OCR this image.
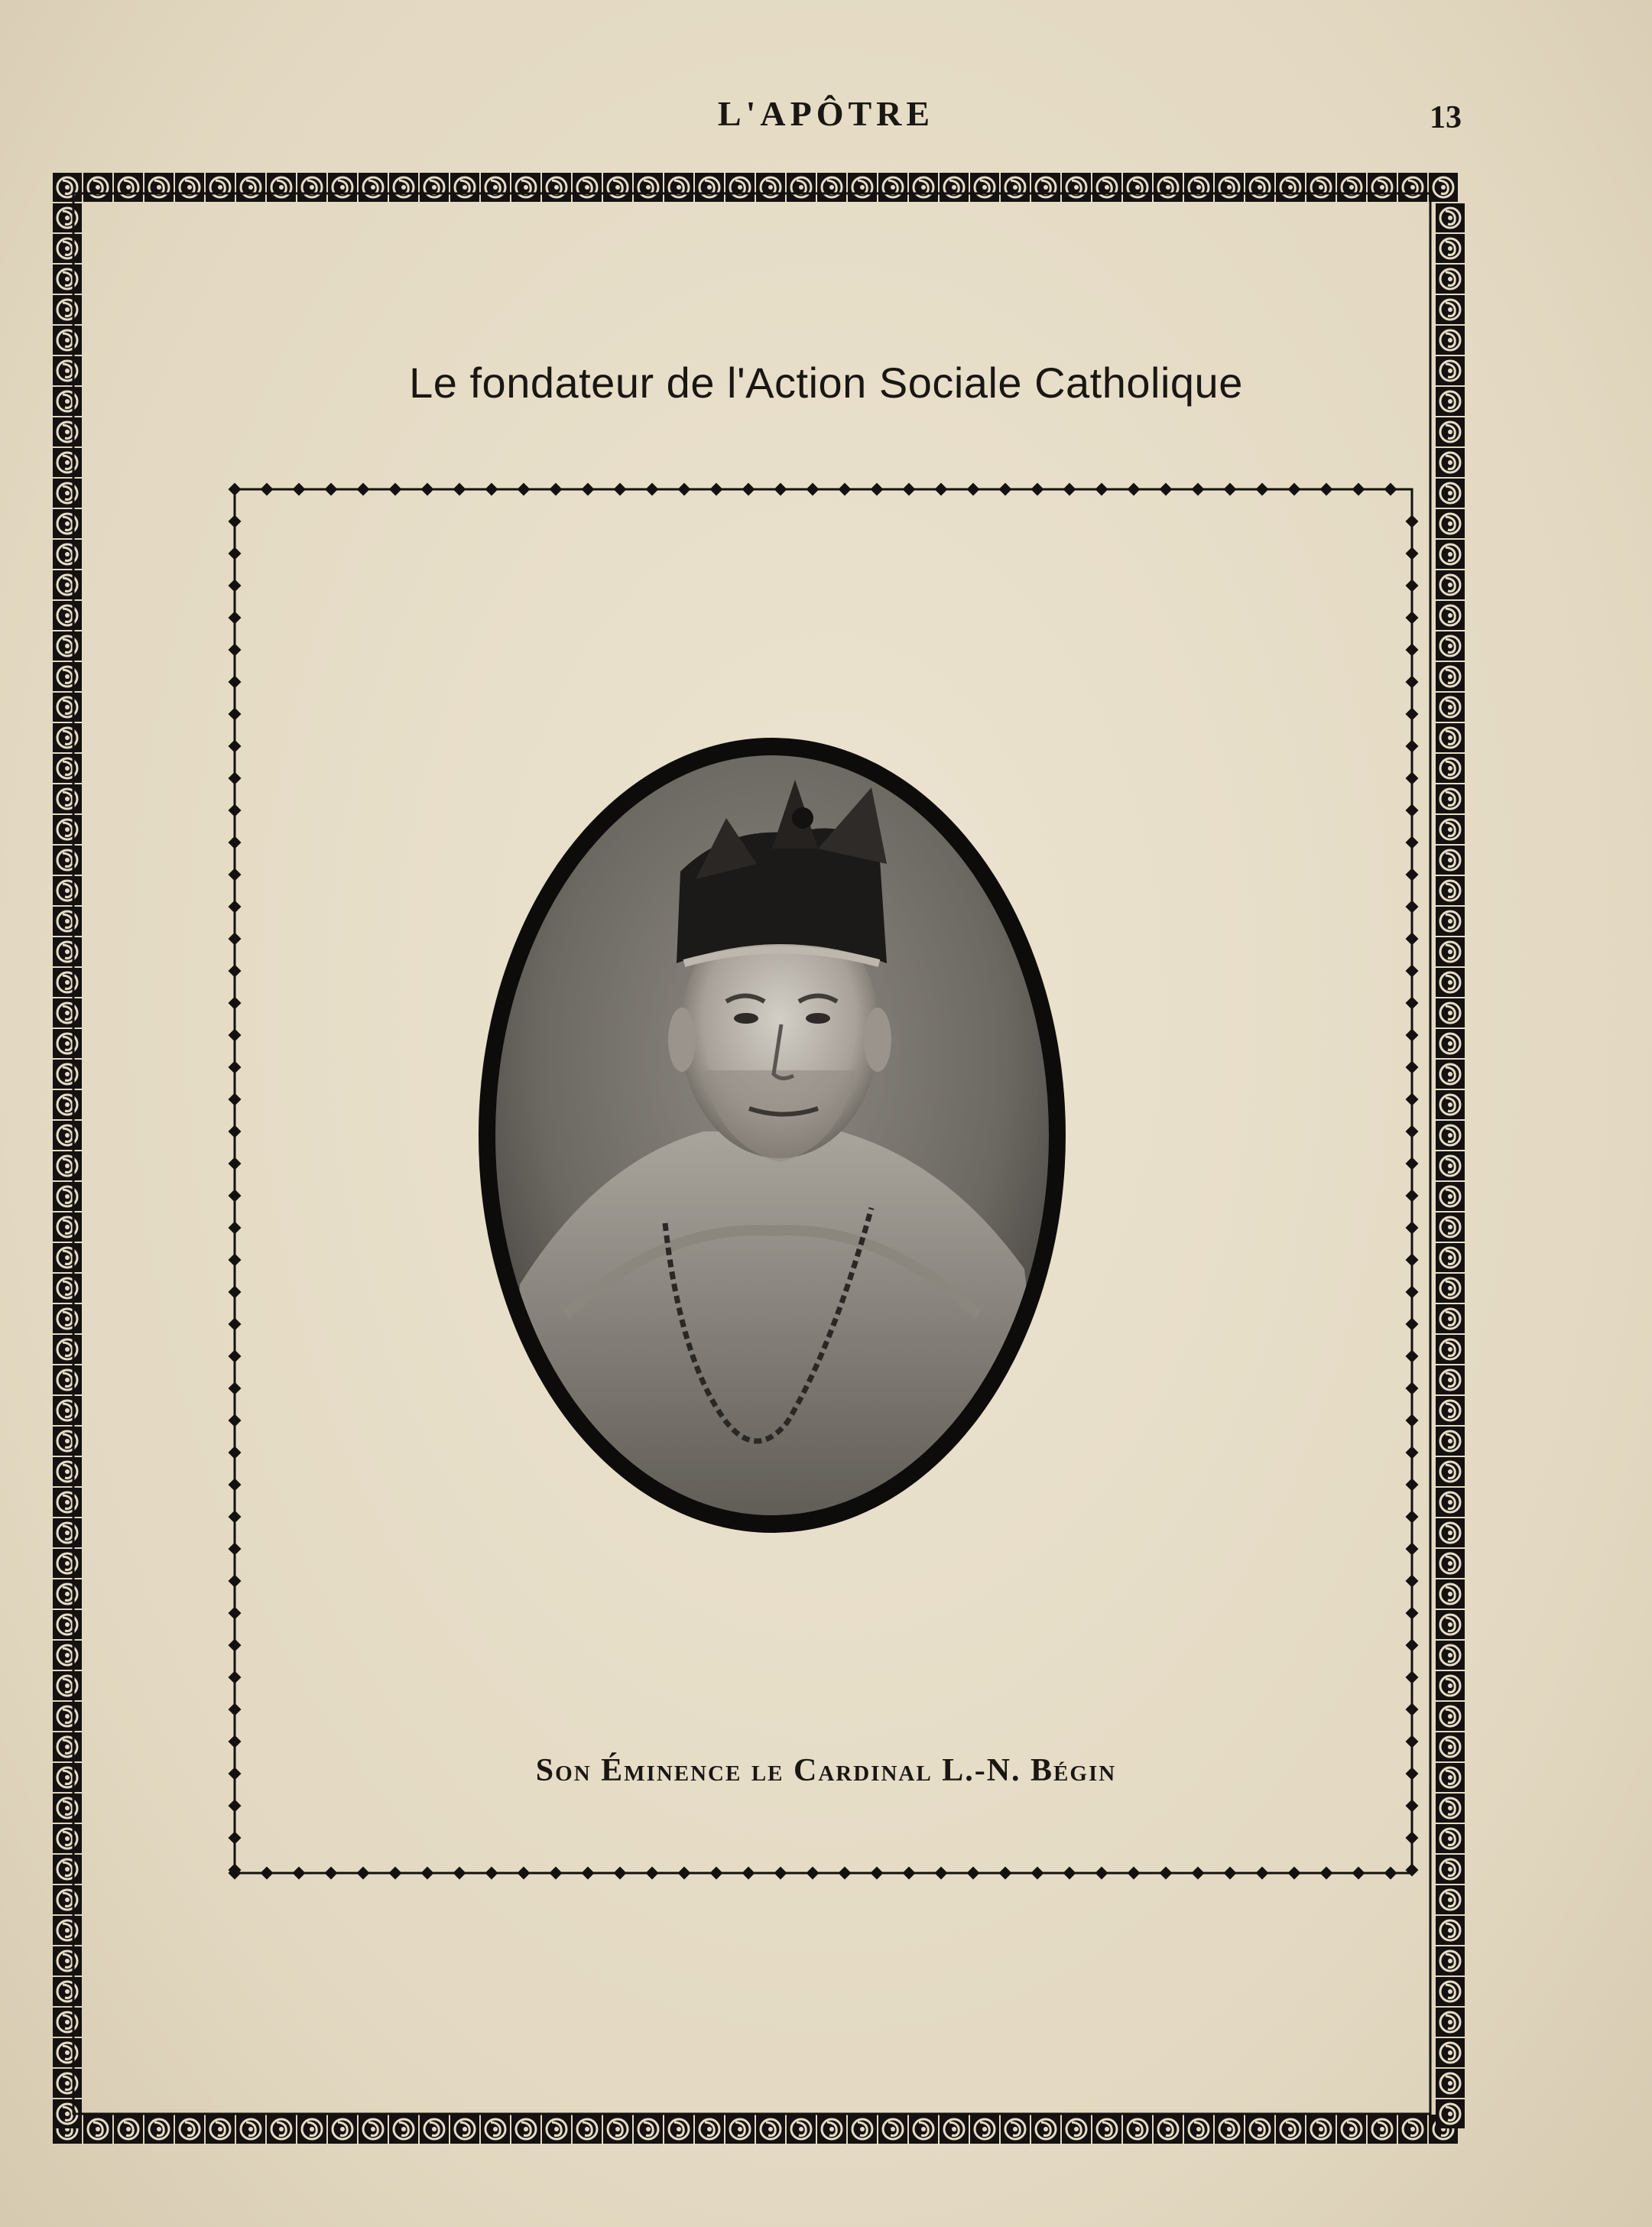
L'APÔTRE	13
Le fondateur de l'Action Sociale Catholique
Son Éminence le Cardinal L.-N. Bégin
